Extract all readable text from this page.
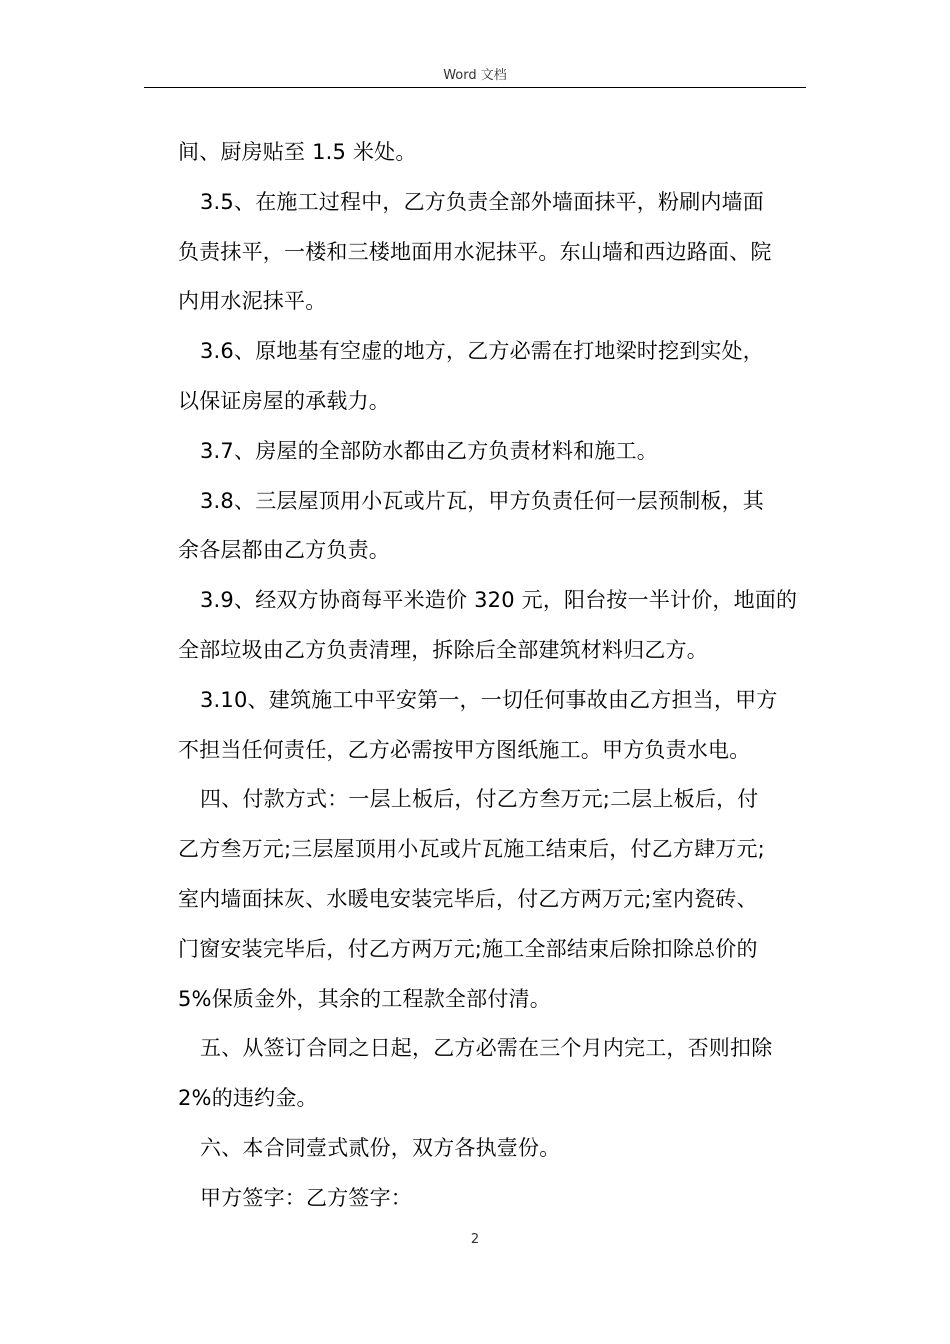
Word 文档
间、厨房贴至 1.5 米处。
3.5、在施工过程中，乙方负责全部外墙面抹平，粉刷内墙面
负责抹平，一楼和三楼地面用水泥抹平。东山墙和西边路面、院
内用水泥抹平。
3.6、原地基有空虚的地方，乙方必需在打地梁时挖到实处，
以保证房屋的承载力。
3.7、房屋的全部防水都由乙方负责材料和施工。
3.8、三层屋顶用小瓦或片瓦，甲方负责任何一层预制板，其
余各层都由乙方负责。
3.9、经双方协商每平米造价 320 元，阳台按一半计价，地面的
全部垃圾由乙方负责清理，拆除后全部建筑材料归乙方。
3.10、建筑施工中平安第一，一切任何事故由乙方担当，甲方
不担当任何责任，乙方必需按甲方图纸施工。甲方负责水电。
四、付款方式：一层上板后，付乙方叁万元;二层上板后，付
乙方叁万元;三层屋顶用小瓦或片瓦施工结束后，付乙方肆万元;
室内墙面抹灰、水暖电安装完毕后，付乙方两万元;室内瓷砖、
门窗安装完毕后，付乙方两万元;施工全部结束后除扣除总价的
5%保质金外，其余的工程款全部付清。
五、从签订合同之日起，乙方必需在三个月内完工，否则扣除
2%的违约金。
六、本合同壹式贰份，双方各执壹份。
甲方签字：乙方签字：
2
